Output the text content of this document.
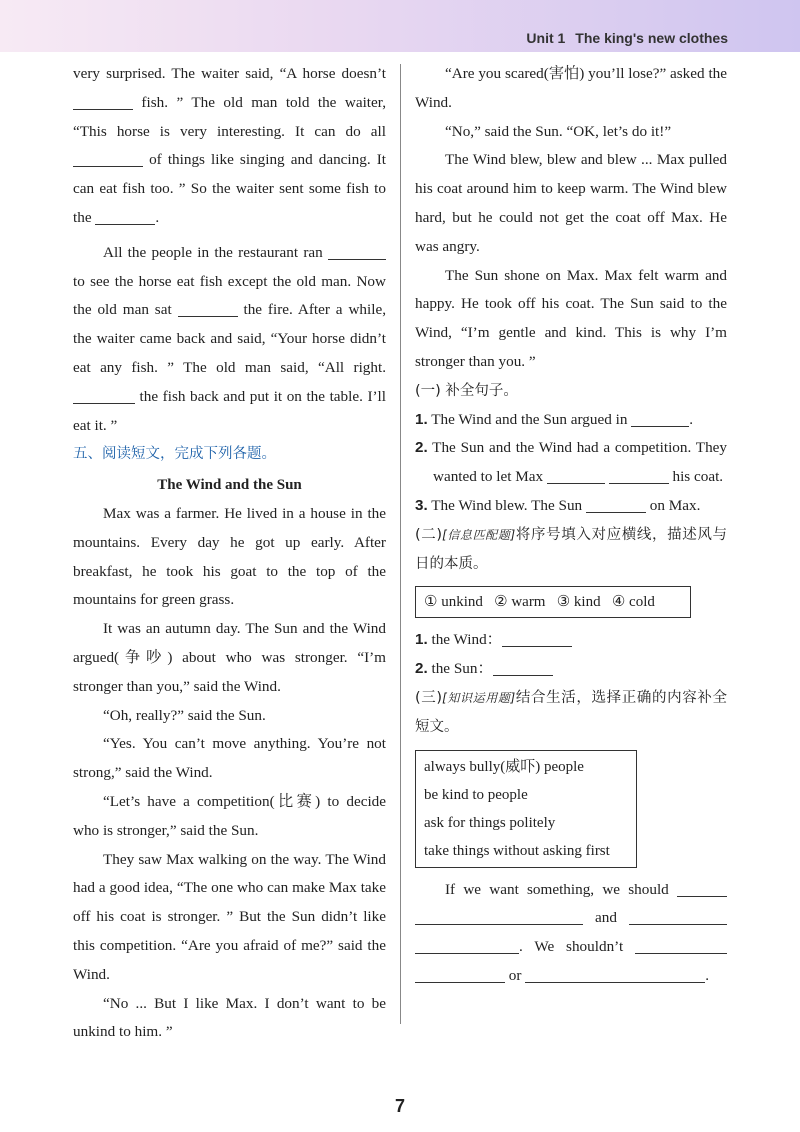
Unit 1 The king's new clothes

very surprised. The waiter said, “A horse doesn’t  fish. ” The old man told the waiter, “This horse is very interesting. It can do all  of things like singing and dancing. It can eat fish too. ” So the waiter sent some fish to the	.

All the people in the restaurant ran  to see the horse eat fish except the old man. Now the old man sat	the fire. After a while, the waiter came back and said, “Your horse didn’t eat any fish. ” The old man said, “All right.  the fish back and put it on the table. I’ll eat it. ”

五、阅读短文，完成下列各题。

The Wind and the Sun

Max was a farmer. He lived in a house in the mountains. Every day he got up early. After breakfast, he took his goat to the top of the mountains for green grass.

It was an autumn day. The Sun and the Wind argued(争吵) about who was stronger. “I’m stronger than you,” said the Wind.

“Oh, really?” said the Sun.

“Yes. You can’t move anything. You’re not strong,” said the Wind.

“Let’s have a competition(比赛) to decide who is stronger,” said the Sun.

They saw Max walking on the way. The Wind had a good idea, “The one who can make Max take off his coat is stronger. ” But the Sun didn’t like this competition. “Are you afraid of me?” said the Wind.

“No ... But I like Max. I don’t want to be unkind to him. ”

“Are you scared(害怕) you’ll lose?” asked the Wind.

“No,” said the Sun. “OK, let’s do it!”

The Wind blew, blew and blew ... Max pulled his coat around him to keep warm. The Wind blew hard, but he could not get the coat off Max. He was angry.

The Sun shone on Max. Max felt warm and happy. He took off his coat. The Sun said to the Wind, “I’m gentle and kind. This is why I’m stronger than you. ”

(一) 补全句子。

1. The Wind and the Sun argued in	.

2. The Sun and the Wind had a competition. They wanted to let Max	his coat.

3. The Wind blew. The Sun	on Max.

(二)[信息匹配题]将序号填入对应横线，描述风与日的本质。

① unkind ② warm ③ kind ④ cold

1. the Wind：

2. the Sun：

(三)[知识运用题]结合生活，选择正确的内容补全短文。

always bully(威吓) people
be kind to people
ask for things politely
take things without asking first

If we want something, we should   and  . We shouldn’t   or	.

7
